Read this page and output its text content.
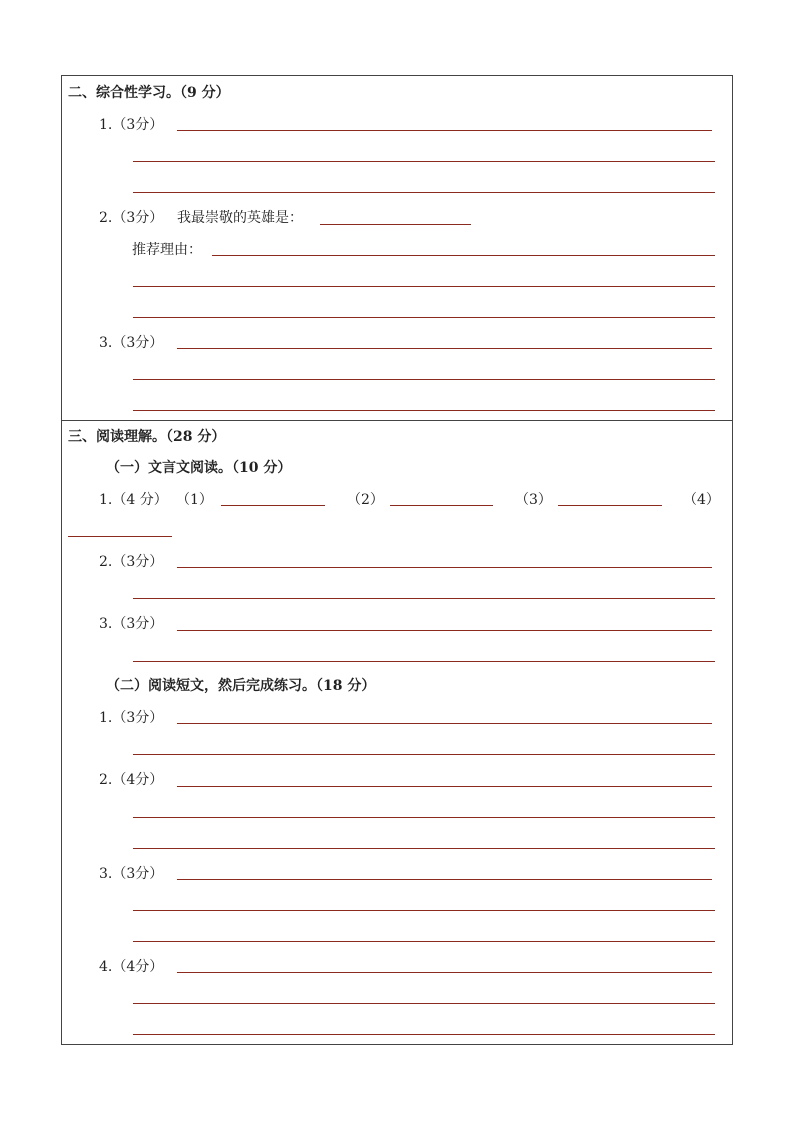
二、综合性学习。（9 分）
1.（3分）
2.（3分） 我最崇敬的英雄是：
推荐理由：
3.（3分）
三、阅读理解。（28 分）
（一）文言文阅读。（10 分）
1.（4 分） （1）	（2）	（3）	（4）
2.（3分）
3.（3分）
（二）阅读短文，然后完成练习。（18 分）
1.（3分）
2.（4分）
3.（3分）
4.（4分）
